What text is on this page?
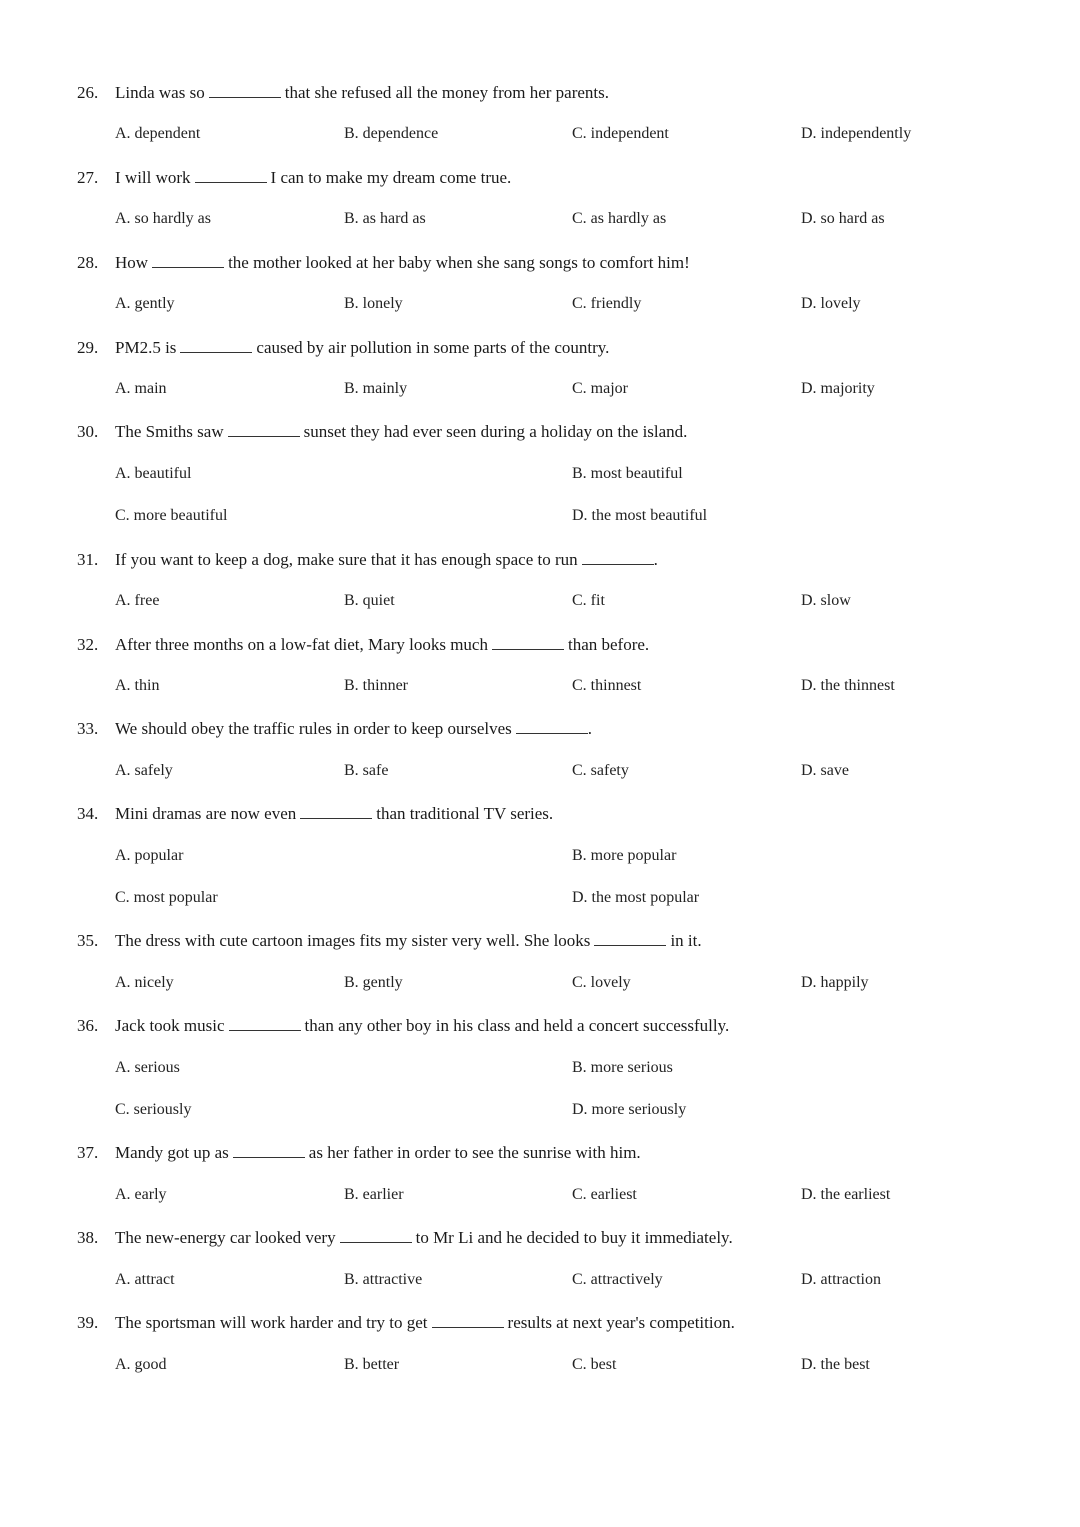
26. Linda was so	that she refused all the money from her parents.
A. dependent	B. dependence	C. independent	D. independently
27. I will work	I can to make my dream come true.
A. so hardly as	B. as hard as	C. as hardly as	D. so hard as
28. How	the mother looked at her baby when she sang songs to comfort him!
A. gently	B. lonely	C. friendly	D. lovely
29. PM2.5 is	caused by air pollution in some parts of the country.
A. main	B. mainly	C. major	D. majority
30. The Smiths saw	sunset they had ever seen during a holiday on the island.
A. beautiful	B. most beautiful
C. more beautiful	D. the most beautiful
31. If you want to keep a dog, make sure that it has enough space to run	.
A. free	B. quiet	C. fit	D. slow
32. After three months on a low-fat diet, Mary looks much	than before.
A. thin	B. thinner	C. thinnest	D. the thinnest
33. We should obey the traffic rules in order to keep ourselves	.
A. safely	B. safe	C. safety	D. save
34. Mini dramas are now even	than traditional TV series.
A. popular	B. more popular
C. most popular	D. the most popular
35. The dress with cute cartoon images fits my sister very well. She looks	in it.
A. nicely	B. gently	C. lovely	D. happily
36. Jack took music	than any other boy in his class and held a concert successfully.
A. serious	B. more serious
C. seriously	D. more seriously
37. Mandy got up as	as her father in order to see the sunrise with him.
A. early	B. earlier	C. earliest	D. the earliest
38. The new-energy car looked very	to Mr Li and he decided to buy it immediately.
A. attract	B. attractive	C. attractively	D. attraction
39. The sportsman will work harder and try to get	results at next year's competition.
A. good	B. better	C. best	D. the best
